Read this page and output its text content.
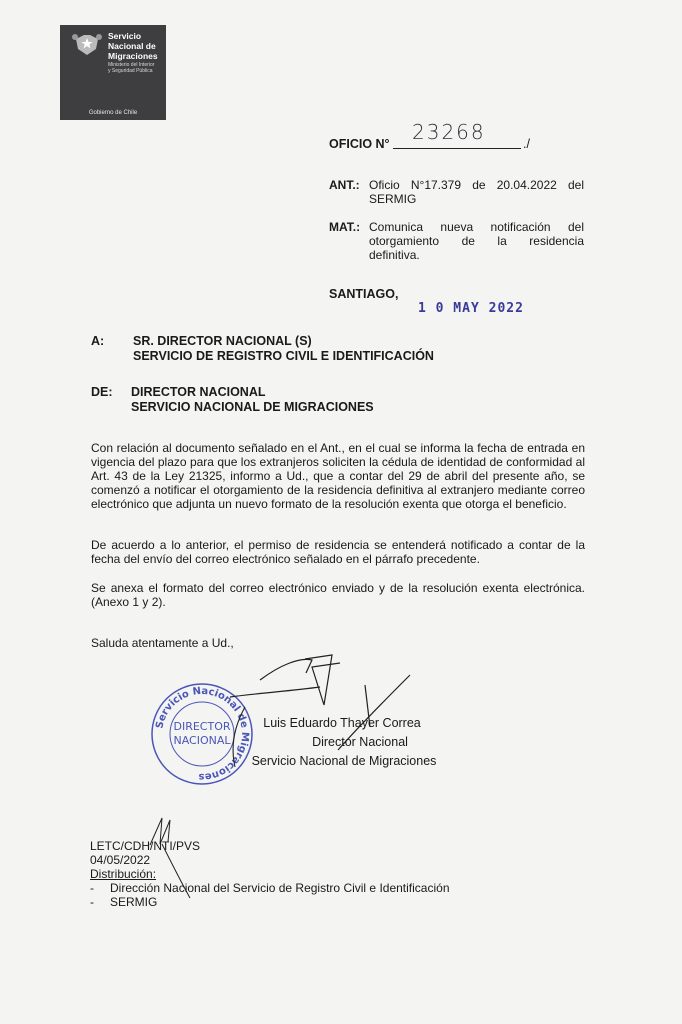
Servicio
Nacional de
Migraciones
Ministerio del Interior
y Seguridad Pública
Gobierno de Chile
OFICIO N° 23268	./
ANT.: Oficio N°17.379 de 20.04.2022 del
SERMIG
MAT.: Comunica nueva notificación del
otorgamiento de la residencia
definitiva.
SANTIAGO,
1 0 MAY 2022
A: SR. DIRECTOR NACIONAL (S)
SERVICIO DE REGISTRO CIVIL E IDENTIFICACIÓN
DE: DIRECTOR NACIONAL
SERVICIO NACIONAL DE MIGRACIONES
Con relación al documento señalado en el Ant., en el cual se informa la fecha de entrada en vigencia del plazo para que los extranjeros soliciten la cédula de identidad de conformidad al Art. 43 de la Ley 21325, informo a Ud., que a contar del 29 de abril del presente año, se comenzó a notificar el otorgamiento de la residencia definitiva al extranjero mediante correo electrónico que adjunta un nuevo formato de la resolución exenta que otorga el beneficio.
De acuerdo a lo anterior, el permiso de residencia se entenderá notificado a contar de la fecha del envío del correo electrónico señalado en el párrafo precedente.
Se anexa el formato del correo electrónico enviado y de la resolución exenta electrónica. (Anexo 1 y 2).
Saluda atentamente a Ud.,
Servicio Nacional de Migraciones
DIRECTOR
NACIONAL
Luis Eduardo Thayer Correa
Director Nacional
Servicio Nacional de Migraciones
LETC/CDH/NTI/PVS
04/05/2022
Distribución:
- Dirección Nacional del Servicio de Registro Civil e Identificación
- SERMIG
